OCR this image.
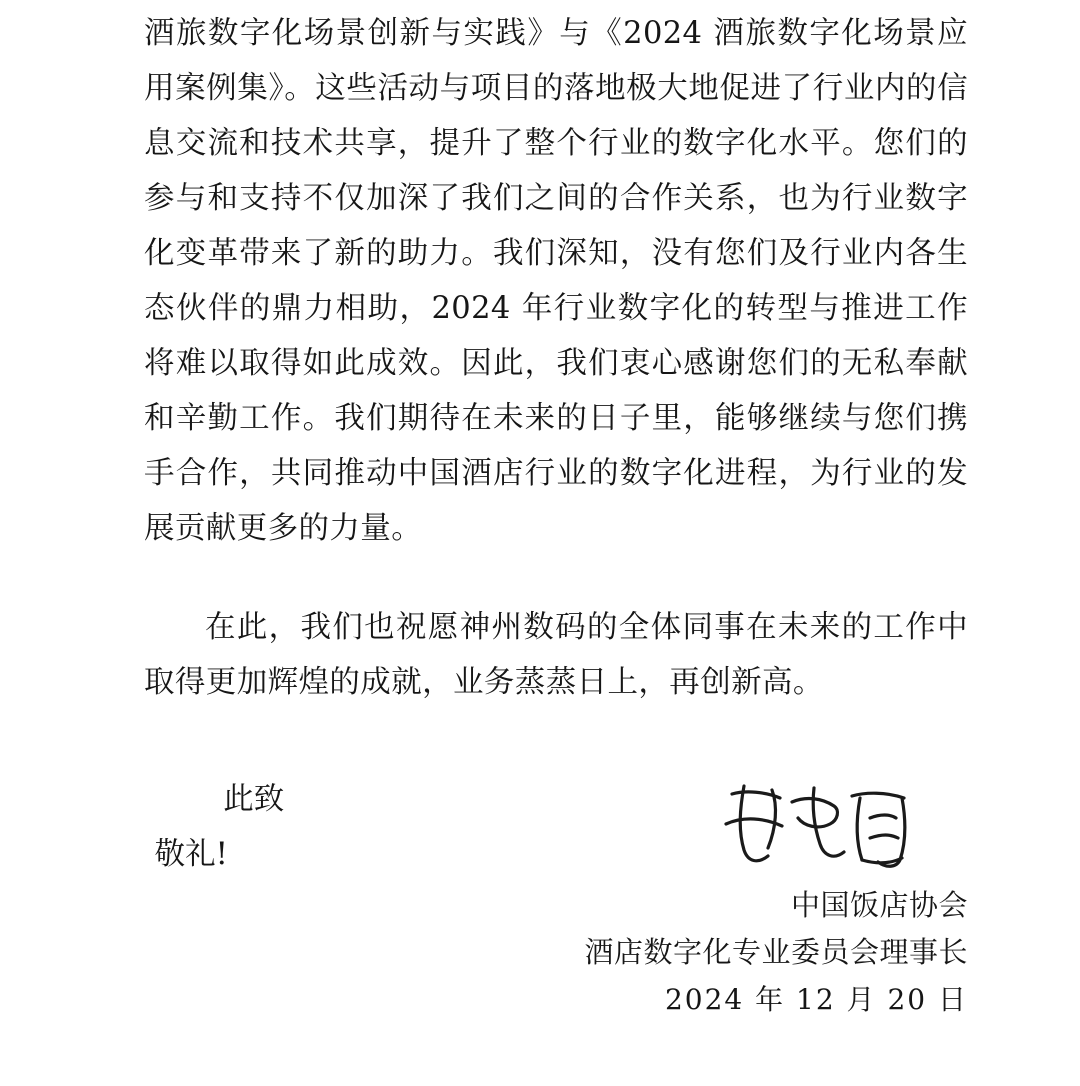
酒旅数字化场景创新与实践》与《2024 酒旅数字化场景应用案例集》。这些活动与项目的落地极大地促进了行业内的信息交流和技术共享，提升了整个行业的数字化水平。您们的参与和支持不仅加深了我们之间的合作关系，也为行业数字化变革带来了新的助力。我们深知，没有您们及行业内各生态伙伴的鼎力相助，2024 年行业数字化的转型与推进工作将难以取得如此成效。因此，我们衷心感谢您们的无私奉献和辛勤工作。我们期待在未来的日子里，能够继续与您们携手合作，共同推动中国酒店行业的数字化进程，为行业的发展贡献更多的力量。
在此，我们也祝愿神州数码的全体同事在未来的工作中取得更加辉煌的成就，业务蒸蒸日上，再创新高。
此致
敬礼!
中国饭店协会
酒店数字化专业委员会理事长
2024 年 12 月 20 日
